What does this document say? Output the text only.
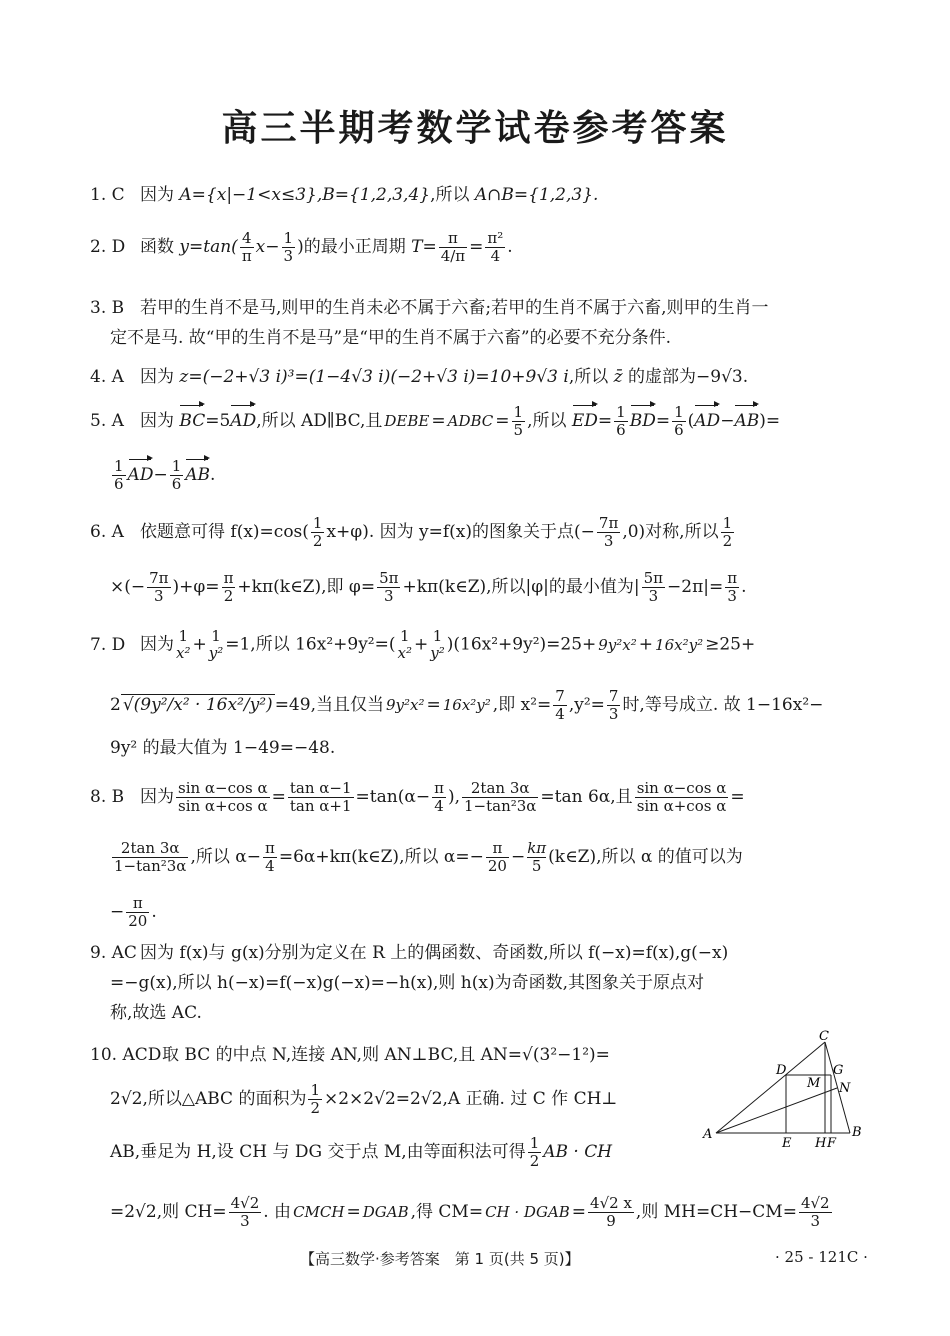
高三半期考数学试卷参考答案
1. C 因为 A={x|−1<x≤3},B={1,2,3,4},所以 A∩B={1,2,3}.
2. D 函数 $y=\tan( \frac{4}{\pi} x- \frac{1}{3}$ )的最小正周期 $T= \frac{\pi}{4/\pi} = \frac{\text{π²}}{4}$ .
3. B 若甲的生肖不是马,则甲的生肖未必不属于六畜;若甲的生肖不属于六畜,则甲的生肖一
定不是马. 故“甲的生肖不是马”是“甲的生肖不属于六畜”的必要不充分条件.
4. A 因为 z=(−2+√3 i)³=(1−4√3 i)(−2+√3 i)=10+9√3 i,所以 z̄ 的虚部为−9√3.
5. A 因为 BC=5AD,所以 AD∥BC,且 DEBE = ADBC = $\frac{1}{5}$ ,所以 $ED= \frac{1}{6} BD= \frac{1}{6} (AD-AB)=$
$\frac{1}{6} AD- \frac{1}{6}$ AB.
6. A 依题意可得 $f(x)=\cos( \frac{1}{2} x+\varphi)$. 因为 y=f(x)的图象关于点(− $\frac{7\pi}{3} ,0$)对称,所以 $\frac{1}{2}$
×(− $\frac{7\pi}{3} )+\varphi= \frac{\pi}{2}$ +kπ(k∈Z),即 $\varphi= \frac{5\pi}{3}$ +kπ(k∈Z),所以|φ|的最小值为| $\frac{5\pi}{3} -2\pi|= \frac{\pi}{3}$ .
7. D 因为 1
x² + 1
y² =1,所以 16x²+9y²=( 1
x² + 1
y² )(16x²+9y²)=25+ 9y²x² + 16x²y² ≥25+
2 √(9y²/x² · 16x²/y²) =49,当且仅当 9y²x² = 16x²y² ,即 $x^2= \frac{7}{4} ,y^2= \frac{7}{3}$ 时,等号成立. 故 1−16x²−
9y² 的最大值为 1−49=−48.
8. B 因为 $\frac{\text{sin α−cos α}}{\text{sin α+cos α}} = \frac{\text{tan α−1}}{\text{tan α+1}} =\tan(\alpha- \frac{\pi}{4}$ ), $\frac{2\tan 3\alpha}{\text{1−tan²3α}} =\tan$ 6α,且 $\frac{\text{sin α−cos α}}{\text{sin α+cos α}}$ =
$\frac{2\tan 3\alpha}{\text{1−tan²3α}}$ ,所以 $\alpha- \frac{\pi}{4}$ =6α+kπ(k∈Z),所以 $\alpha=- \frac{\pi}{20} - \frac{k\pi}{5}$ (k∈Z),所以 α 的值可以为
− $\frac{\pi}{20}$ .
9. AC 因为 f(x)与 g(x)分别为定义在 R 上的偶函数、奇函数,所以 f(−x)=f(x),g(−x)
=−g(x),所以 h(−x)=f(−x)g(−x)=−h(x),则 h(x)为奇函数,其图象关于原点对
称,故选 AC.
10. ACD取 BC 的中点 N,连接 AN,则 AN⊥BC,且 AN=√(3²−1²)=
2√2,所以△ABC 的面积为 $\frac{1}{2} \times 2\times 2√2=2√2,A$ 正确. 过 C 作 CH⊥
AB,垂足为 H,设 CH 与 DG 交于点 M,由等面积法可得 $\frac{1}{2}$ AB · CH
=2√2,则 $CH= \frac{4√2}{3}$ . 由 CMCH = DGAB ,得 CM= CH · DGAB = $\frac{4√2 x}{9}$ ,则 $MH=CH-CM= \frac{4√2}{3}$
A	B
C
D	G
M N
E H F
【高三数学·参考答案　第 1 页(共 5 页)】	· 25 - 121C ·
